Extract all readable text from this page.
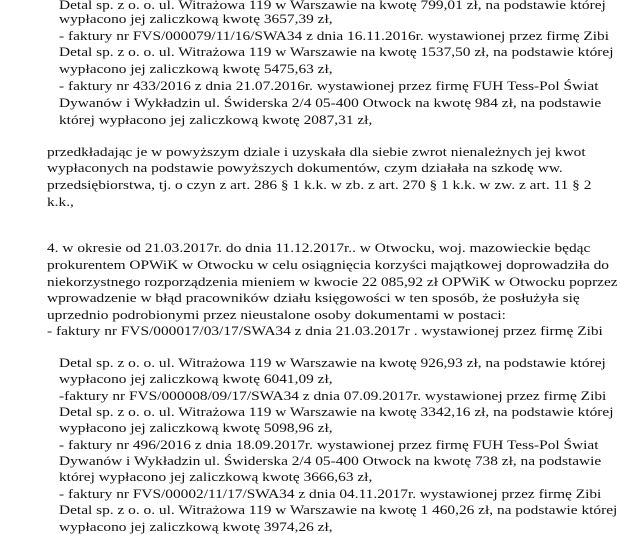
Detal sp. z o. o. ul. Witrażowa 119 w Warszawie na kwotę 799,01 zł, na podstawie której
wypłacono jej zaliczkową kwotę 3657,39 zł,
- faktury nr FVS/000079/11/16/SWA34 z dnia 16.11.2016r. wystawionej przez firmę Zibi
Detal sp. z o. o. ul. Witrażowa 119 w Warszawie na kwotę 1537,50 zł, na podstawie której
wypłacono jej zaliczkową kwotę 5475,63 zł,
- faktury nr 433/2016 z dnia 21.07.2016r. wystawionej przez firmę FUH Tess-Pol Świat
Dywanów i Wykładzin ul. Świderska 2/4 05-400 Otwock na kwotę 984 zł, na podstawie
której wypłacono jej zaliczkową kwotę 2087,31 zł,
przedkładając je w powyższym dziale i uzyskała dla siebie zwrot nienależnych jej kwot
wypłaconych na podstawie powyższych dokumentów, czym działała na szkodę ww.
przedsiębiorstwa, tj. o czyn z art. 286 § 1 k.k. w zb. z art. 270 § 1 k.k. w zw. z art. 11 § 2
k.k.,
4. w okresie od 21.03.2017r. do dnia 11.12.2017r.. w Otwocku, woj. mazowieckie będąc
prokurentem OPWiK w Otwocku w celu osiągnięcia korzyści majątkowej doprowadziła do
niekorzystnego rozporządzenia mieniem w kwocie 22 085,92 zł OPWiK w Otwocku poprzez
wprowadzenie w błąd pracowników działu księgowości w ten sposób, że posłużyła się
uprzednio podrobionymi przez nieustalone osoby dokumentami w postaci:
- faktury nr FVS/000017/03/17/SWA34 z dnia 21.03.2017r . wystawionej przez firmę Zibi
Detal sp. z o. o. ul. Witrażowa 119 w Warszawie na kwotę 926,93 zł, na podstawie której
wypłacono jej zaliczkową kwotę 6041,09 zł,
-faktury nr FVS/000008/09/17/SWA34 z dnia 07.09.2017r. wystawionej przez firmę Zibi
Detal sp. z o. o. ul. Witrażowa 119 w Warszawie na kwotę 3342,16 zł, na podstawie której
wypłacono jej zaliczkową kwotę 5098,96 zł,
- faktury nr 496/2016 z dnia 18.09.2017r. wystawionej przez firmę FUH Tess-Pol Świat
Dywanów i Wykładzin ul. Świderska 2/4 05-400 Otwock na kwotę 738 zł, na podstawie
której wypłacono jej zaliczkową kwotę 3666,63 zł,
- faktury nr FVS/00002/11/17/SWA34 z dnia 04.11.2017r. wystawionej przez firmę Zibi
Detal sp. z o. o. ul. Witrażowa 119 w Warszawie na kwotę 1 460,26 zł, na podstawie której
wypłacono jej zaliczkową kwotę 3974,26 zł,
